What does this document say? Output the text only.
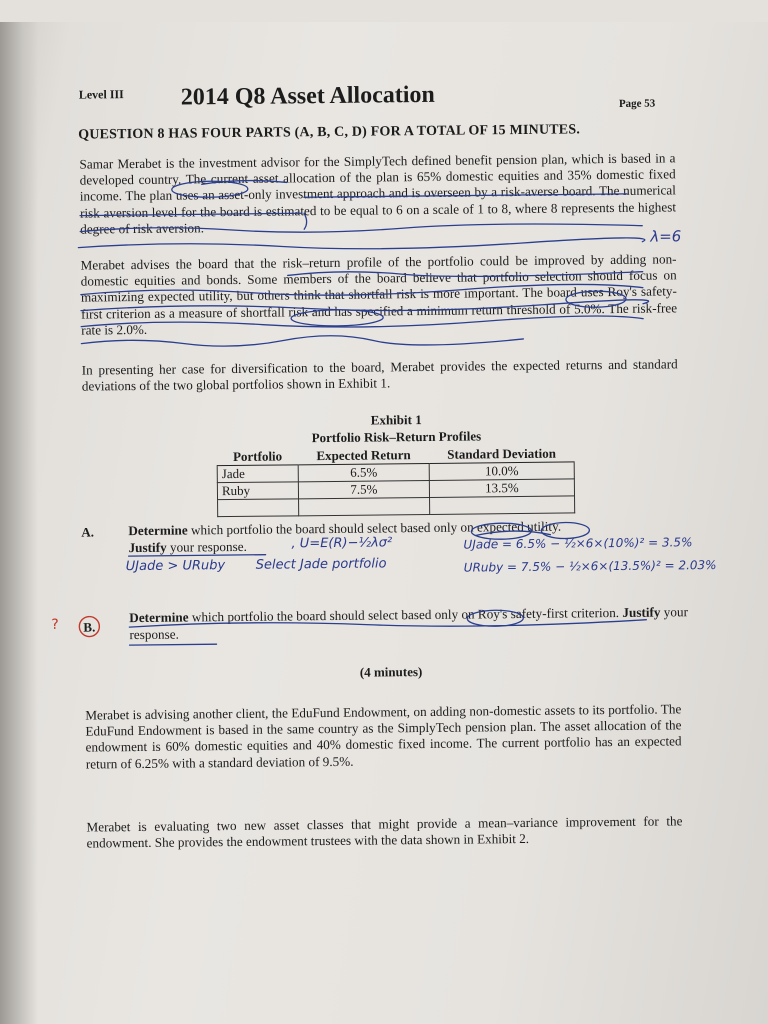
Level III 2014 Q8 Asset Allocation	Page 53
QUESTION 8 HAS FOUR PARTS (A, B, C, D) FOR A TOTAL OF 15 MINUTES.
Samar Merabet is the investment advisor for the SimplyTech defined benefit pension plan, which is based in a developed country. The current asset allocation of the plan is 65% domestic equities and 35% domestic fixed income. The plan uses an asset-only investment approach and is overseen by a risk-averse board. The numerical risk aversion level for the board is estimated to be equal to 6 on a scale of 1 to 8, where 8 represents the highest degree of risk aversion.	λ=6
Merabet advises the board that the risk–return profile of the portfolio could be improved by adding non-domestic equities and bonds. Some members of the board believe that portfolio selection should focus on maximizing expected utility, but others think that shortfall risk is more important. The board uses Roy's safety-first criterion as a measure of shortfall risk and has specified a minimum return threshold of 5.0%. The risk-free rate is 2.0%.
In presenting her case for diversification to the board, Merabet provides the expected returns and standard deviations of the two global portfolios shown in Exhibit 1.
Exhibit 1
Portfolio Risk–Return Profiles
Portfolio	Expected Return	Standard Deviation
Jade	6.5%	10.0%
Ruby	7.5%	13.5%

A.	Determine which portfolio the board should select based only on expected utility.
Justify your response.	, U=E(R)−½λσ²	UJade = 6.5% − ½×6×(10%)² = 3.5%
UJade > URuby Select Jade portfolio	URuby = 7.5% − ½×6×(13.5%)² = 2.03%
? B.
Determine which portfolio the board should select based only on Roy's safety-first criterion. Justify your response.
(4 minutes)
Merabet is advising another client, the EduFund Endowment, on adding non-domestic assets to its portfolio. The EduFund Endowment is based in the same country as the SimplyTech pension plan. The asset allocation of the endowment is 60% domestic equities and 40% domestic fixed income. The current portfolio has an expected return of 6.25% with a standard deviation of 9.5%.
Merabet is evaluating two new asset classes that might provide a mean–variance improvement for the endowment. She provides the endowment trustees with the data shown in Exhibit 2.
